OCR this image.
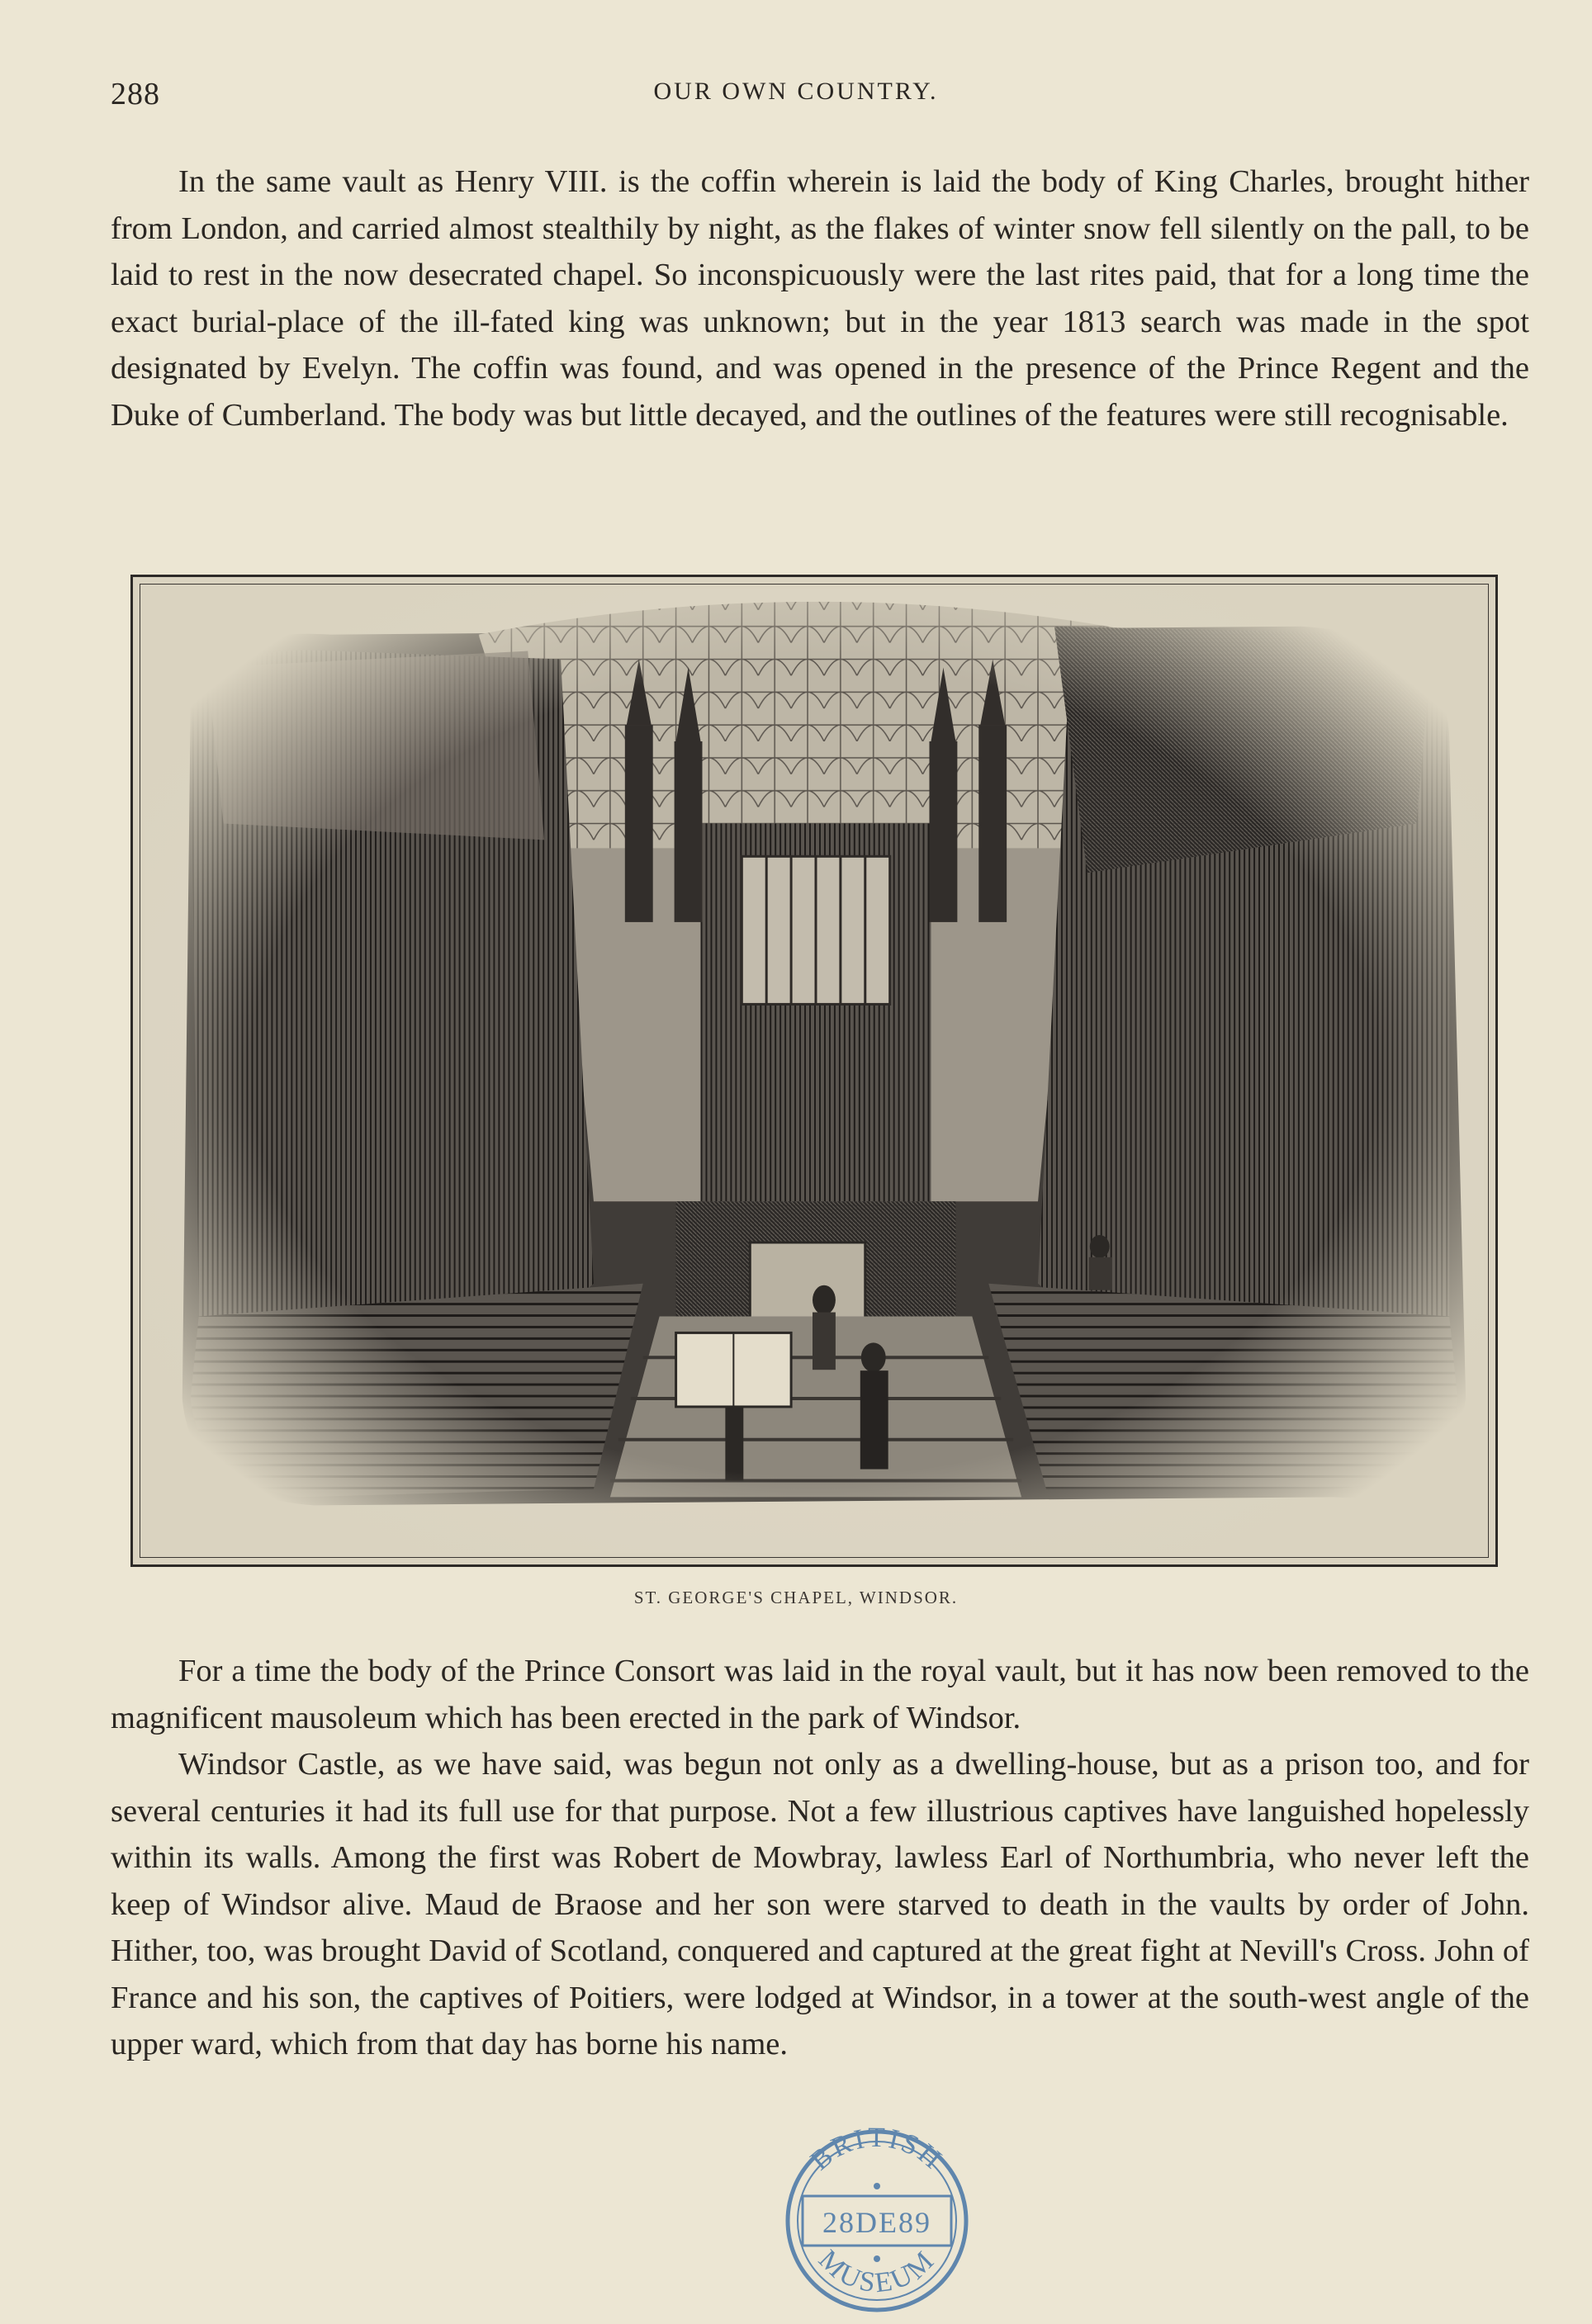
288	OUR OWN COUNTRY.

In the same vault as Henry VIII. is the coffin wherein is laid the body of King Charles, brought hither from London, and carried almost stealthily by night, as the flakes of winter snow fell silently on the pall, to be laid to rest in the now desecrated chapel. So inconspicuously were the last rites paid, that for a long time the exact burial-place of the ill-fated king was unknown; but in the year 1813 search was made in the spot designated by Evelyn. The coffin was found, and was opened in the presence of the Prince Regent and the Duke of Cumberland. The body was but little decayed, and the outlines of the features were still recognisable.

ST. GEORGE'S CHAPEL, WINDSOR.

For a time the body of the Prince Consort was laid in the royal vault, but it has now been removed to the magnificent mausoleum which has been erected in the park of Windsor.

Windsor Castle, as we have said, was begun not only as a dwelling-house, but as a prison too, and for several centuries it had its full use for that purpose. Not a few illustrious captives have languished hopelessly within its walls. Among the first was Robert de Mowbray, lawless Earl of Northumbria, who never left the keep of Windsor alive. Maud de Braose and her son were starved to death in the vaults by order of John. Hither, too, was brought David of Scotland, conquered and captured at the great fight at Nevill's Cross. John of France and his son, the captives of Poitiers, were lodged at Windsor, in a tower at the south-west angle of the upper ward, which from that day has borne his name.

BRITISH
28DE89
MUSEUM
